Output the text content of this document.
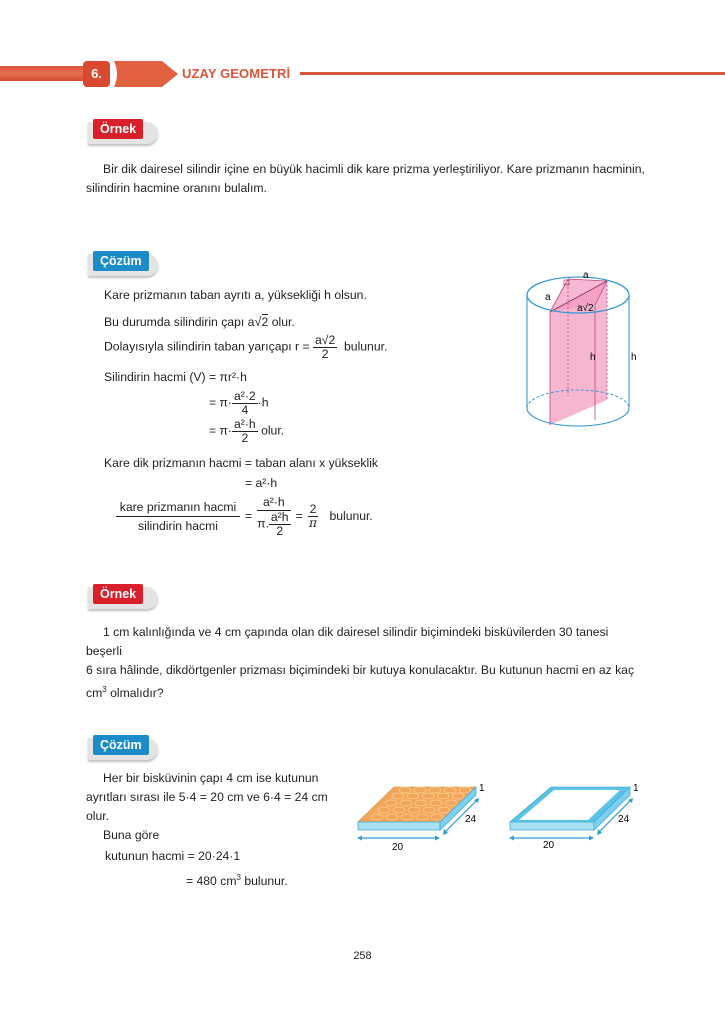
6.	UZAY GEOMETRİ
Örnek

Bir dik dairesel silindir içine en büyük hacimli dik kare prizma yerleştiriliyor. Kare prizmanın hacminin,

silindirin hacmine oranını bulalım.

Çözüm
Kare prizmanın taban ayrıtı a, yüksekliği h olsun.
Bu durumda silindirin çapı a√2 olur.
Dolayısıyla silindirin taban yarıçapı $r = \frac{a√2}{2}$ bulunur.
Silindirin hacmi (V) = πr²·h
= $\pi\cdot \frac{\text{a²·2}}{4} \cdot h$
= $\pi\cdot \frac{\text{a²·h}}{2}$ olur.
Kare dik prizmanın hacmi = taban alanı x yükseklik
= a²·h
$\frac{\text{kare prizmanın hacmi}}{\text{silindirin hacmi}} = \frac{\text{a²·h}}{\pi. \frac{\text{a²h}}{2}} = \frac{2}{\pi}$ bulunur.
a
a
a√2
h	h
Örnek

1 cm kalınlığında ve 4 cm çapında olan dik dairesel silindir biçimindeki bisküvilerden 30 tanesi beşerli

6 sıra hâlinde, dikdörtgenler prizması biçimindeki bir kutuya konulacaktır. Bu kutunun hacmi en az kaç

$cm^3$ olmalıdır?

Çözüm

Her bir bisküvinin çapı 4 cm ise kutunun

ayrıtları sırası ile 5·4 = 20 cm ve 6·4 = 24 cm

olur.

Buna göre

kutunun hacmi = 20·24·1

= 480 $cm^3$ bulunur.

20
24
1
20
24
1
258
